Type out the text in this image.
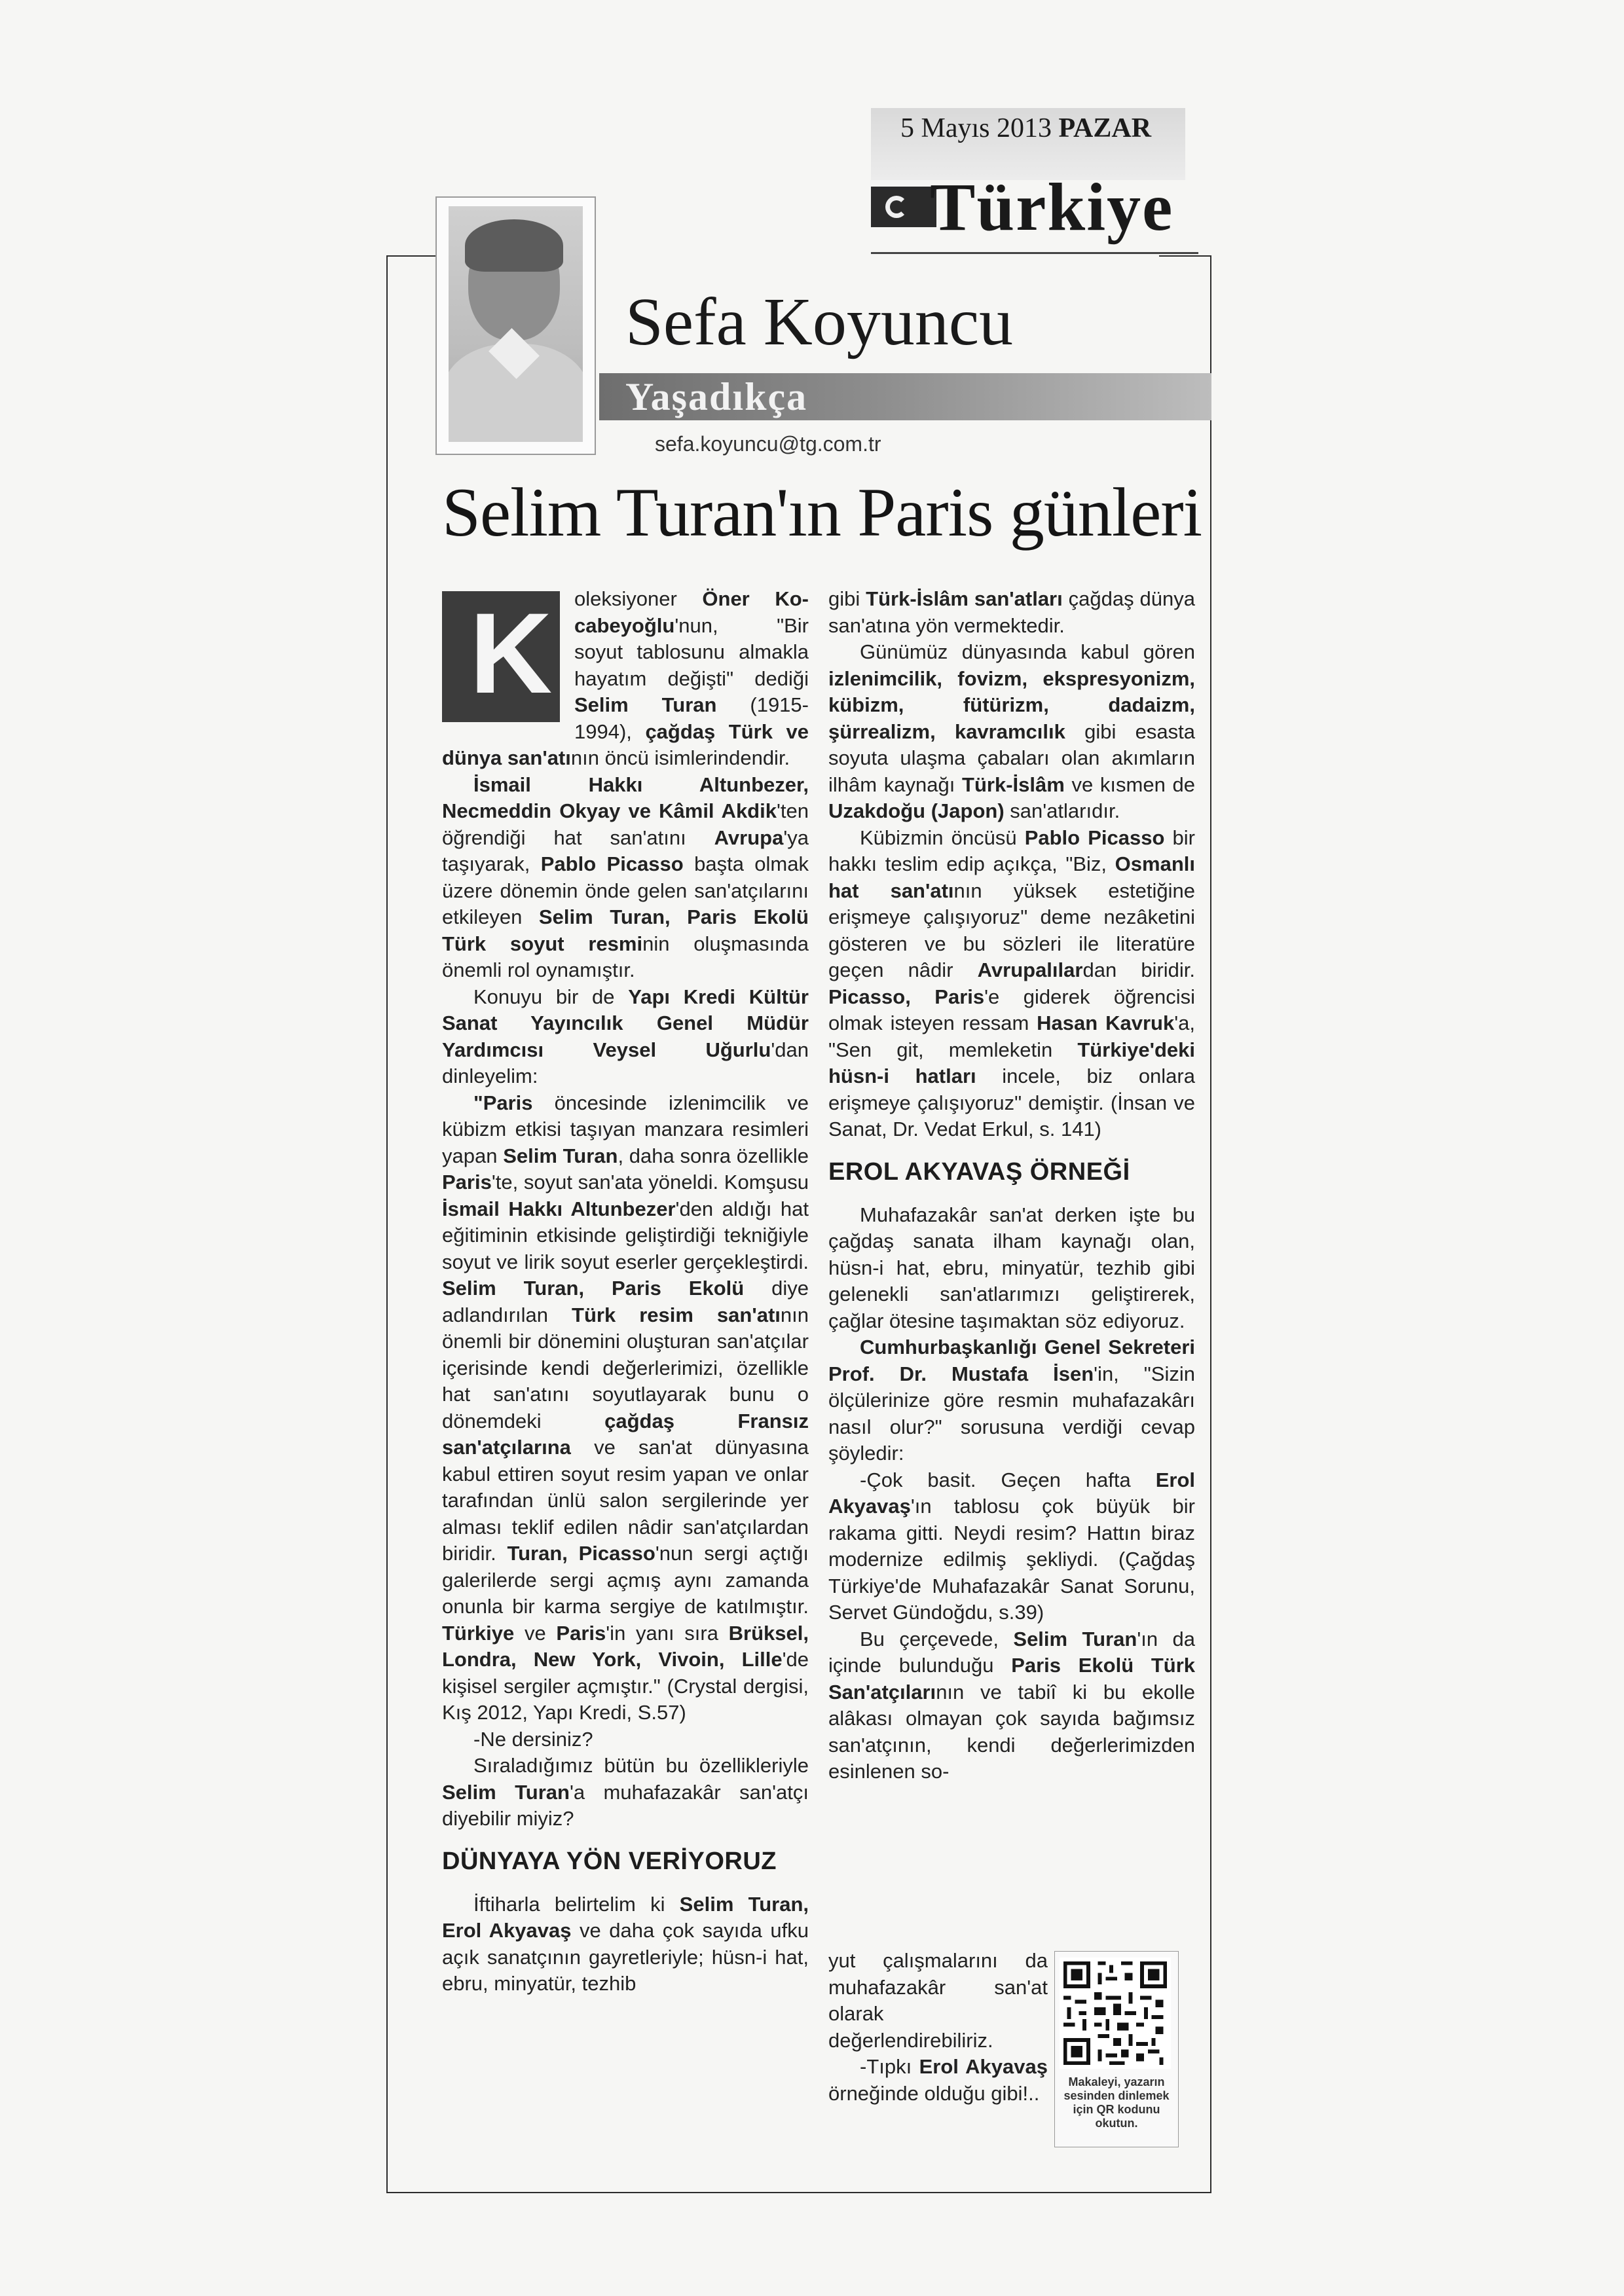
5 Mayıs 2013 PAZAR
Türkiye
Sefa Koyuncu
Yaşadıkça
sefa.koyuncu@tg.com.tr
Selim Turan'ın Paris günleri
K	oleksiyoner Öner Ko-cabeyoğlu'nun, "Bir soyut tablosunu almakla hayatım değişti" dediği Selim Turan (1915-1994), çağdaş Türk ve dünya san'atının öncü isimlerindendir.

İsmail Hakkı Altunbezer, Necmeddin Okyay ve Kâmil Akdik'ten öğrendiği hat san'atını Avrupa'ya taşıyarak, Pablo Picasso başta olmak üzere dönemin önde gelen san'atçılarını etkileyen Selim Turan, Paris Ekolü Türk soyut resminin oluşmasında önemli rol oynamıştır.

Konuyu bir de Yapı Kredi Kültür Sanat Yayıncılık Genel Müdür Yardımcısı Veysel Uğurlu'dan dinleyelim:

"Paris öncesinde izlenimcilik ve kübizm etkisi taşıyan manzara resimleri yapan Selim Turan, daha sonra özellikle Paris'te, soyut san'ata yöneldi. Komşusu İsmail Hakkı Altunbezer'den aldığı hat eğitiminin etkisinde geliştirdiği tekniğiyle soyut ve lirik soyut eserler gerçekleştirdi. Selim Turan, Paris Ekolü diye adlandırılan Türk resim san'atının önemli bir dönemini oluşturan san'atçılar içerisinde kendi değerlerimizi, özellikle hat san'atını soyutlayarak bunu o dönemdeki çağdaş Fransız san'atçılarına ve san'at dünyasına kabul ettiren soyut resim yapan ve onlar tarafından ünlü salon sergilerinde yer alması teklif edilen nâdir san'atçılardan biridir. Turan, Picasso'nun sergi açtığı galerilerde sergi açmış aynı zamanda onunla bir karma sergiye de katılmıştır. Türkiye ve Paris'in yanı sıra Brüksel, Londra, New York, Vivoin, Lille'de kişisel sergiler açmıştır." (Crystal dergisi, Kış 2012, Yapı Kredi, S.57)

-Ne dersiniz?

Sıraladığımız bütün bu özellikleriyle Selim Turan'a muhafazakâr san'atçı diyebilir miyiz?

DÜNYAYA YÖN VERİYORUZ

İftiharla belirtelim ki Selim Turan, Erol Akyavaş ve daha çok sayıda ufku açık sanatçının gayretleriyle; hüsn-i hat, ebru, minyatür, tezhib

gibi Türk-İslâm san'atları çağdaş dünya san'atına yön vermektedir.

Günümüz dünyasında kabul gören izlenimcilik, fovizm, ekspresyonizm, kübizm, fütürizm, dadaizm, şürrealizm, kavramcılık gibi esasta soyuta ulaşma çabaları olan akımların ilhâm kaynağı Türk-İslâm ve kısmen de Uzakdoğu (Japon) san'atlarıdır.

Kübizmin öncüsü Pablo Picasso bir hakkı teslim edip açıkça, "Biz, Osmanlı hat san'atının yüksek estetiğine erişmeye çalışıyoruz" deme nezâketini gösteren ve bu sözleri ile literatüre geçen nâdir Avrupalılardan biridir. Picasso, Paris'e giderek öğrencisi olmak isteyen ressam Hasan Kavruk'a, "Sen git, memleketin Türkiye'deki hüsn-i hatları incele, biz onlara erişmeye çalışıyoruz" demiştir. (İnsan ve Sanat, Dr. Vedat Erkul, s. 141)

EROL AKYAVAŞ ÖRNEĞİ

Muhafazakâr san'at derken işte bu çağdaş sanata ilham kaynağı olan, hüsn-i hat, ebru, minyatür, tezhib gibi gelenekli san'atlarımızı geliştirerek, çağlar ötesine taşımaktan söz ediyoruz.

Cumhurbaşkanlığı Genel Sekreteri Prof. Dr. Mustafa İsen'in, "Sizin ölçülerinize göre resmin muhafazakârı nasıl olur?" sorusuna verdiği cevap şöyledir:

-Çok basit. Geçen hafta Erol Akyavaş'ın tablosu çok büyük bir rakama gitti. Neydi resim? Hattın biraz modernize edilmiş şekliydi. (Çağdaş Türkiye'de Muhafazakâr Sanat Sorunu, Servet Gündoğdu, s.39)

Bu çerçevede, Selim Turan'ın da içinde bulunduğu Paris Ekolü Türk San'atçılarının ve tabiî ki bu ekolle alâkası olmayan çok sayıda bağımsız san'atçının, kendi değerlerimizden esinlenen so-

yut çalışmalarını da muhafazakâr san'at olarak değerlendirebiliriz.

-Tıpkı Erol Akyavaş örneğinde olduğu gibi!..	Makaleyi, yazarın sesinden dinlemek için QR kodunu okutun.
